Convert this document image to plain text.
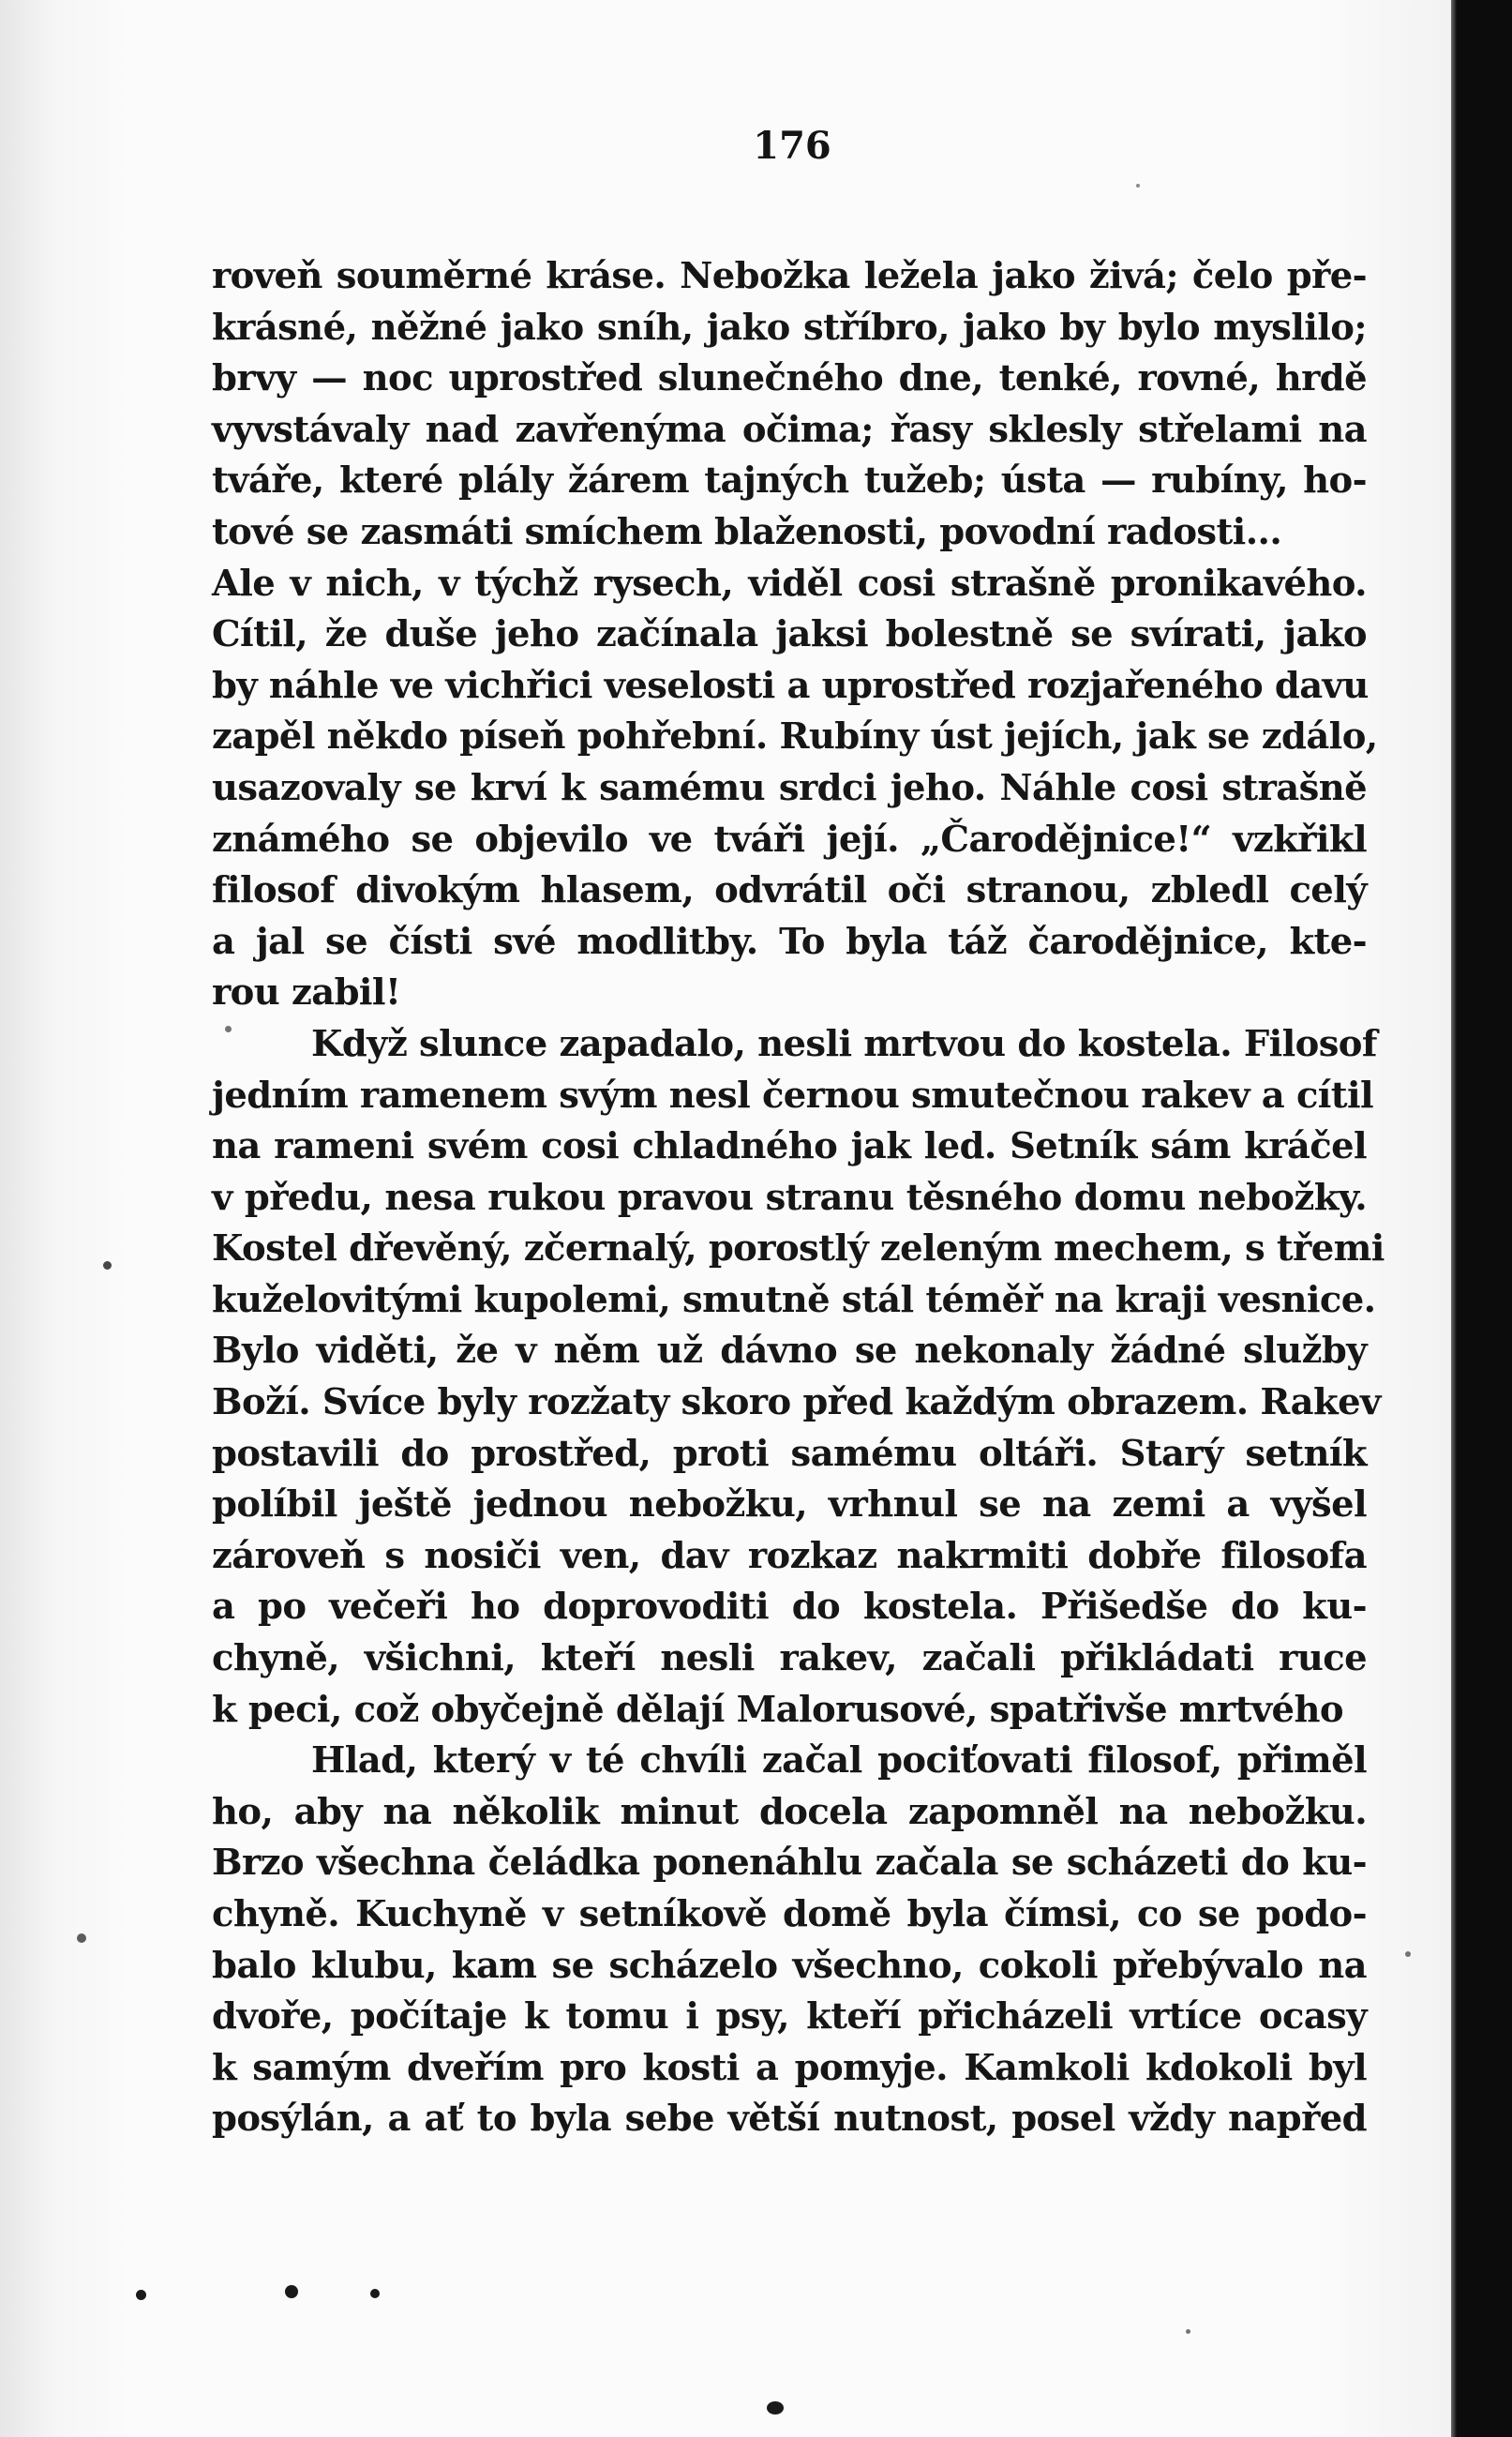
176
roveň souměrné krásе. Nebožka ležela jako živá; čelo pře-
krásné, něžné jako sníh, jako stříbro, jako by bylo myslilo;
brvy — noc uprostřed slunečného dne, tenké, rovné, hrdě
vyvstávaly nad zavřenýma očima; řasy sklesly střelami na
tváře, které plály žárem tajných tužeb; ústa — rubíny, ho-
tové se zasmáti smíchem blaženosti, povodní radosti...
Ale v nich, v týchž rysech, viděl cosi strašně pronikavého.
Cítil, že duše jeho začínala jaksi bolestně se svírati, jako
by náhle ve vichřici veselosti a uprostřed rozjařeného davu
zapěl někdo píseň pohřební. Rubíny úst jejích, jak se zdálo,
usazovaly se krví k samému srdci jeho. Náhle cosi strašně
známého se objevilo ve tváři její. „Čarodějnice!“ vzkřikl
filosof divokým hlasem, odvrátil oči stranou, zbledl celý
a jal se čísti své modlitby. To byla táž čarodějnice, kte-
rou zabil!
Když slunce zapadalo, nesli mrtvou do kostela. Filosof
jedním ramenem svým nesl černou smutečnou rakev a cítil
na rameni svém cosi chladného jak led. Setník sám kráčel
v předu, nesa rukou pravou stranu těsného domu nebožky.
Kostel dřevěný, zčernalý, porostlý zeleným mechem, s třemi
kuželovitými kupolemi, smutně stál téměř na kraji vesnice.
Bylo viděti, že v něm už dávno se nekonaly žádné služby
Boží. Svíce byly rozžaty skoro před každým obrazem. Rakev
postavili do prostřed, proti samému oltáři. Starý setník
políbil ještě jednou nebožku, vrhnul se na zemi a vyšel
zároveň s nosiči ven, dav rozkaz nakrmiti dobře filosofa
a po večeři ho doprovoditi do kostela. Přišedše do ku-
chyně, všichni, kteří nesli rakev, začali přikládati ruce
k peci, což obyčejně dělají Malorusové, spatřivše mrtvého
Hlad, který v té chvíli začal pociťovati filosof, přiměl
ho, aby na několik minut docela zapomněl na nebožku.
Brzo všechna čeládka ponenáhlu začala se scházeti do ku-
chyně. Kuchyně v setníkově domě byla čímsi, co se podo-
balo klubu, kam se scházelo všechno, cokoli přebývalo na
dvoře, počítaje k tomu i psy, kteří přicházeli vrtíce ocasy
k samým dveřím pro kosti a pomyje. Kamkoli kdokoli byl
posýlán, a ať to byla sebe větší nutnost, posel vždy napřed
